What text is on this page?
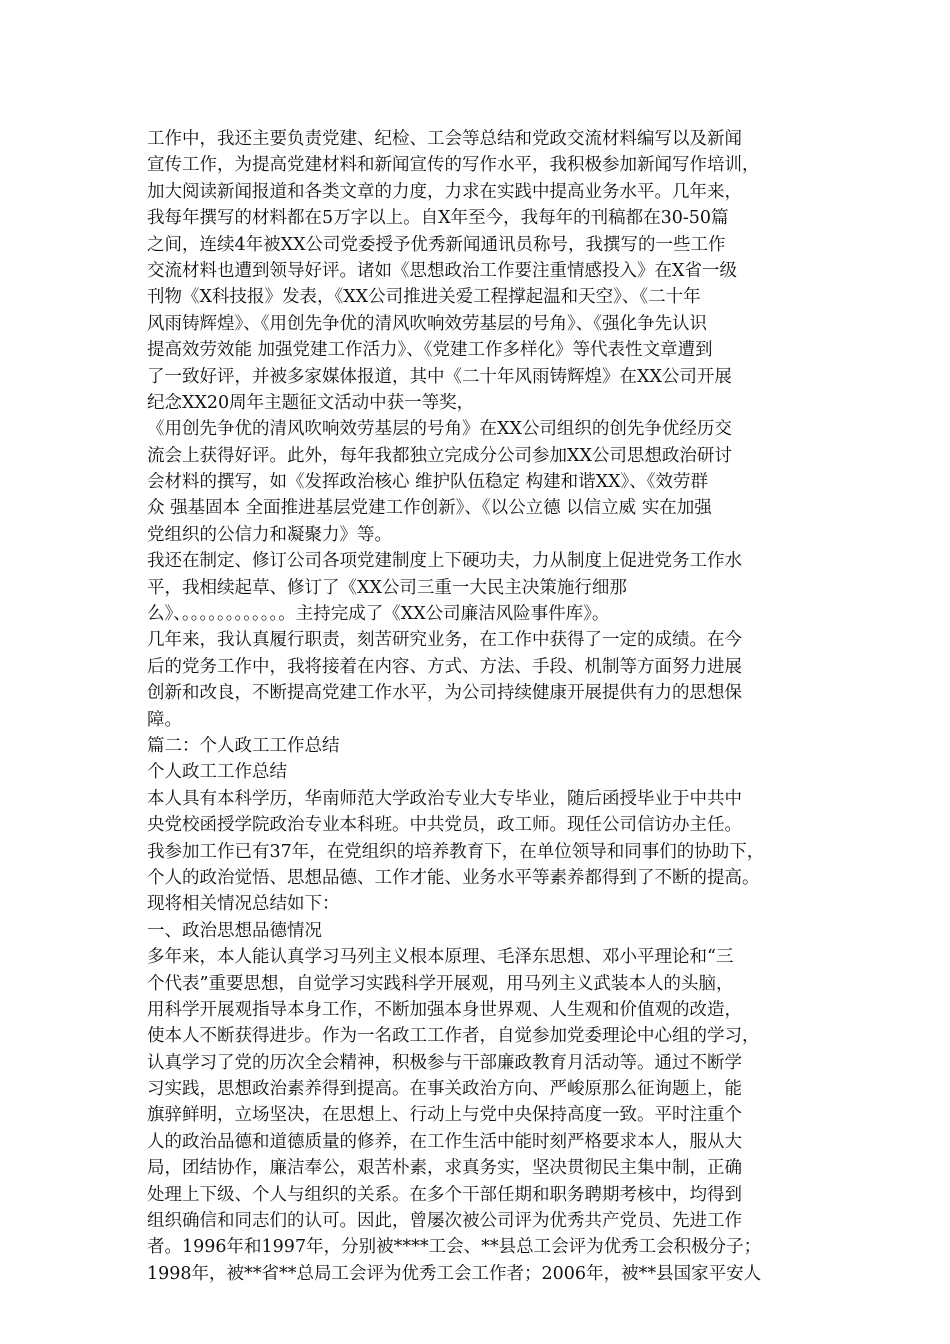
工作中，我还主要负责党建、纪检、工会等总结和党政交流材料编写以及新闻
宣传工作，为提高党建材料和新闻宣传的写作水平，我积极参加新闻写作培训，
加大阅读新闻报道和各类文章的力度，力求在实践中提高业务水平。几年来，
我每年撰写的材料都在5万字以上。自X年至今，我每年的刊稿都在30-50篇
之间，连续4年被XX公司党委授予优秀新闻通讯员称号，我撰写的一些工作
交流材料也遭到领导好评。诸如《思想政治工作要注重情感投入》在X省一级
刊物《X科技报》发表，《XX公司推进关爱工程撑起温和天空》、《二十年
风雨铸辉煌》、《用创先争优的清风吹响效劳基层的号角》、《强化争先认识
提高效劳效能 加强党建工作活力》、《党建工作多样化》等代表性文章遭到
了一致好评，并被多家媒体报道，其中《二十年风雨铸辉煌》在XX公司开展
纪念XX20周年主题征文活动中获一等奖，
《用创先争优的清风吹响效劳基层的号角》在XX公司组织的创先争优经历交
流会上获得好评。此外，每年我都独立完成分公司参加XX公司思想政治研讨
会材料的撰写，如《发挥政治核心 维护队伍稳定 构建和谐XX》、《效劳群
众 强基固本 全面推进基层党建工作创新》、《以公立德 以信立威 实在加强
党组织的公信力和凝聚力》等。
我还在制定、修订公司各项党建制度上下硬功夫，力从制度上促进党务工作水
平，我相续起草、修订了《XX公司三重一大民主决策施行细那
么》、。。。。。。。。。。。。主持完成了《XX公司廉洁风险事件库》。
几年来，我认真履行职责，刻苦研究业务，在工作中获得了一定的成绩。在今
后的党务工作中，我将接着在内容、方式、方法、手段、机制等方面努力进展
创新和改良，不断提高党建工作水平，为公司持续健康开展提供有力的思想保
障。
篇二：个人政工工作总结
个人政工工作总结
本人具有本科学历，华南师范大学政治专业大专毕业，随后函授毕业于中共中
央党校函授学院政治专业本科班。中共党员，政工师。现任公司信访办主任。
我参加工作已有37年，在党组织的培养教育下，在单位领导和同事们的协助下，
个人的政治觉悟、思想品德、工作才能、业务水平等素养都得到了不断的提高。
现将相关情况总结如下：
一、政治思想品德情况
多年来，本人能认真学习马列主义根本原理、毛泽东思想、邓小平理论和“三
个代表”重要思想，自觉学习实践科学开展观，用马列主义武装本人的头脑，
用科学开展观指导本身工作，不断加强本身世界观、人生观和价值观的改造，
使本人不断获得进步。作为一名政工工作者，自觉参加党委理论中心组的学习，
认真学习了党的历次全会精神，积极参与干部廉政教育月活动等。通过不断学
习实践，思想政治素养得到提高。在事关政治方向、严峻原那么征询题上，能
旗骍鲜明，立场坚决，在思想上、行动上与党中央保持高度一致。平时注重个
人的政治品德和道德质量的修养，在工作生活中能时刻严格要求本人，服从大
局，团结协作，廉洁奉公，艰苦朴素，求真务实，坚决贯彻民主集中制，正确
处理上下级、个人与组织的关系。在多个干部任期和职务聘期考核中，均得到
组织确信和同志们的认可。因此，曾屡次被公司评为优秀共产党员、先进工作
者。1996年和1997年，分别被****工会、**县总工会评为优秀工会积极分子；
1998年，被**省**总局工会评为优秀工会工作者；2006年，被**县国家平安人
